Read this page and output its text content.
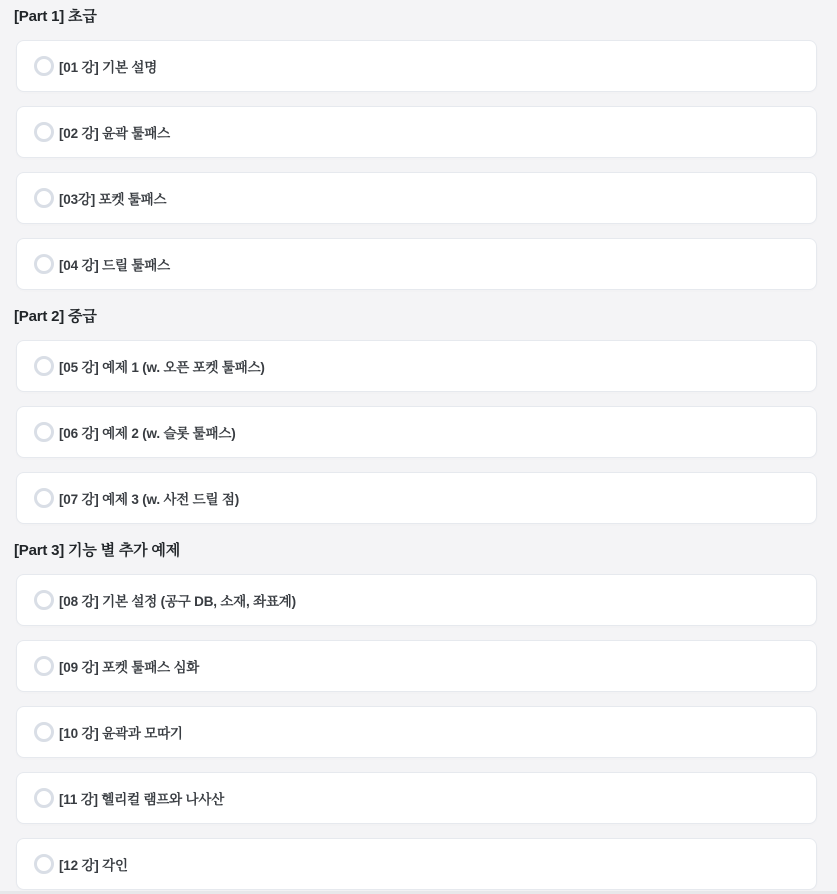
[Part 1] 초급
[01 강] 기본 설명
[02 강] 윤곽 툴패스
[03강] 포켓 툴패스
[04 강] 드릴 툴패스
[Part 2] 중급
[05 강] 예제 1 (w. 오픈 포켓 툴패스)
[06 강] 예제 2 (w. 슬롯 툴패스)
[07 강] 예제 3 (w. 사전 드릴 점)
[Part 3] 기능 별 추가 예제
[08 강] 기본 설정 (공구 DB, 소재, 좌표계)
[09 강] 포켓 툴패스 심화
[10 강] 윤곽과 모따기
[11 강] 헬리컬 램프와 나사산
[12 강] 각인
